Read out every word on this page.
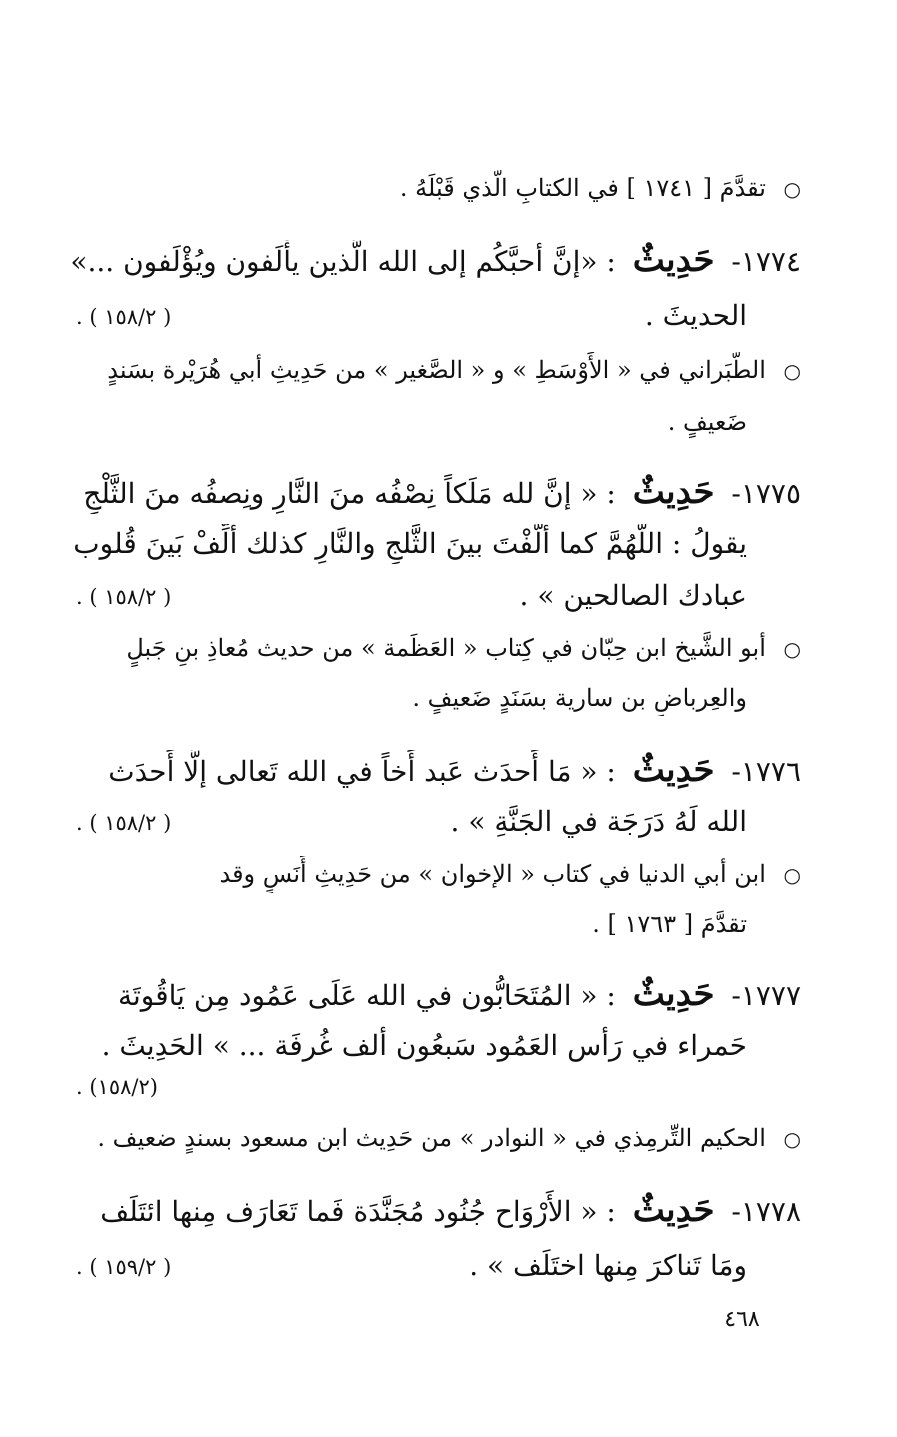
○ تقدَّمَ [ ١٧٤١ ] في الكتابِ الَّذي قَبْلَهُ .
١٧٧٤- حَدِيثٌ : «إنَّ أحبَّكُم إلى الله الَّذين يأْلَفون ويُؤْلَفون ...»
الحديثَ .
. ( ١٥٨/٢ )
○ الطَّبَراني في « الأَوْسَطِ » و « الصَّغير » من حَدِيثِ أبي هُرَيْرة بسَندٍ
ضَعيفٍ .
١٧٧٥- حَدِيثٌ : « إنَّ لله مَلَكاً نِصْفُه منَ النَّارِ ونِصفُه منَ الثَّلْجِ
يقولُ : اللَّهُمَّ كما أَلَّفْتَ بينَ الثَّلجِ والنَّارِ كذلك أَلِّفْ بَينَ قُلوب
عبادك الصالحين » .
. ( ١٥٨/٢ )
○ أبو الشَّيخ ابن حِبّان في كِتاب « العَظَمة » من حديث مُعاذِ بنِ جَبلٍ
والعِرباضِ بن سارية بسَنَدٍ ضَعيفٍ .
١٧٧٦- حَدِيثٌ : « مَا أَحدَث عَبد أَخاً في الله تَعالى إلَّا أَحدَث
الله لَهُ دَرَجَة في الجَنَّةِ » .
. ( ١٥٨/٢ )
○ ابن أبي الدنيا في كتاب « الإخوان » من حَدِيثِ أَنَسٍ وقد
تقدَّمَ [ ١٧٦٣ ] .
١٧٧٧- حَدِيثٌ : « المُتَحَابُّون في الله عَلَى عَمُود مِن يَاقُوتَة
حَمراء في رَأْس العَمُود سَبعُون أَلف غُرفَة ... » الحَدِيثَ .
. (١٥٨/٢)
○ الحكيم التِّرمِذي في « النوادر » من حَدِيث ابن مسعود بسندٍ ضعيف .
١٧٧٨- حَدِيثٌ : « الأَرْوَاح جُنُود مُجَنَّدَة فَما تَعَارَف مِنها ائتَلَف
ومَا تَناكرَ مِنها اختَلَف » .
. ( ١٥٩/٢ )
٤٦٨
